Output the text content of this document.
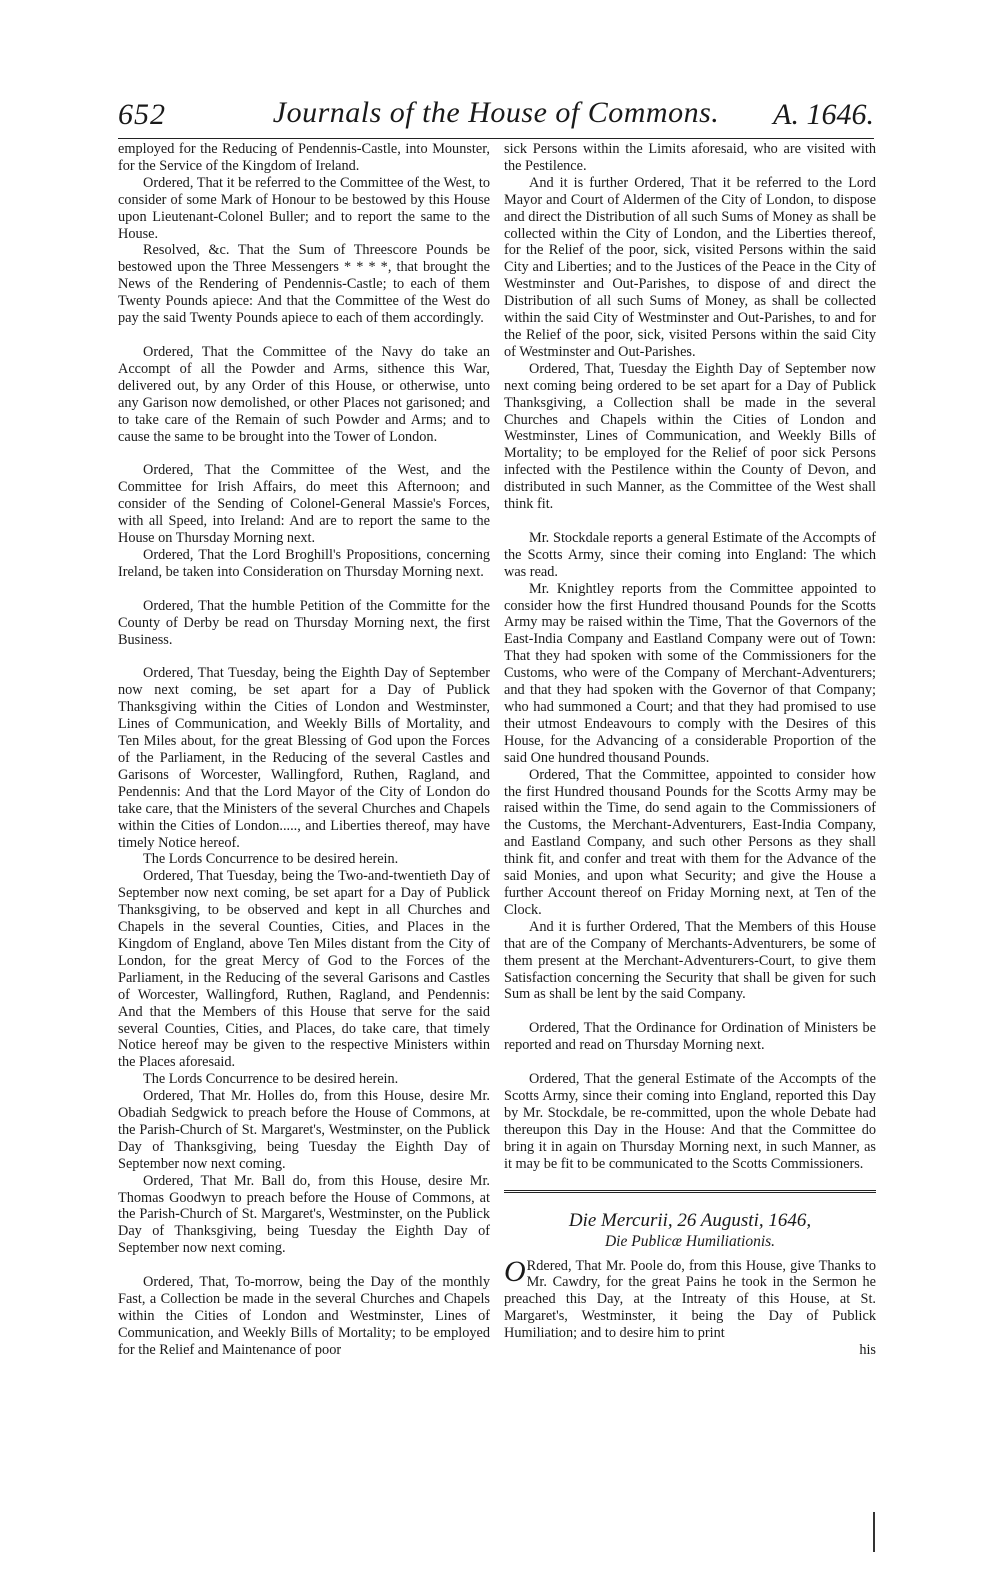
652	Journals of the House of Commons.	A. 1646.

employed for the Reducing of Pendennis-Castle, into Mounster, for the Service of the Kingdom of Ireland.

Ordered, That it be referred to the Committee of the West, to consider of some Mark of Honour to be bestowed by this House upon Lieutenant-Colonel Buller; and to report the same to the House.

Resolved, &c. That the Sum of Threescore Pounds be bestowed upon the Three Messengers * * * *, that brought the News of the Rendering of Pendennis-Castle; to each of them Twenty Pounds apiece: And that the Committee of the West do pay the said Twenty Pounds apiece to each of them accordingly.

Ordered, That the Committee of the Navy do take an Accompt of all the Powder and Arms, sithence this War, delivered out, by any Order of this House, or otherwise, unto any Garison now demolished, or other Places not garisoned; and to take care of the Remain of such Powder and Arms; and to cause the same to be brought into the Tower of London.

Ordered, That the Committee of the West, and the Committee for Irish Affairs, do meet this Afternoon; and consider of the Sending of Colonel-General Massie's Forces, with all Speed, into Ireland: And are to report the same to the House on Thursday Morning next.

Ordered, That the Lord Broghill's Propositions, concerning Ireland, be taken into Consideration on Thursday Morning next.

Ordered, That the humble Petition of the Committe for the County of Derby be read on Thursday Morning next, the first Business.

Ordered, That Tuesday, being the Eighth Day of September now next coming, be set apart for a Day of Publick Thanksgiving within the Cities of London and Westminster, Lines of Communication, and Weekly Bills of Mortality, and Ten Miles about, for the great Blessing of God upon the Forces of the Parliament, in the Reducing of the several Castles and Garisons of Worcester, Wallingford, Ruthen, Ragland, and Pendennis: And that the Lord Mayor of the City of London do take care, that the Ministers of the several Churches and Chapels within the Cities of London....., and Liberties thereof, may have timely Notice hereof.

The Lords Concurrence to be desired herein.

Ordered, That Tuesday, being the Two-and-twentieth Day of September now next coming, be set apart for a Day of Publick Thanksgiving, to be observed and kept in all Churches and Chapels in the several Counties, Cities, and Places in the Kingdom of England, above Ten Miles distant from the City of London, for the great Mercy of God to the Forces of the Parliament, in the Reducing of the several Garisons and Castles of Worcester, Wallingford, Ruthen, Ragland, and Pendennis: And that the Members of this House that serve for the said several Counties, Cities, and Places, do take care, that timely Notice hereof may be given to the respective Ministers within the Places aforesaid.

The Lords Concurrence to be desired herein.

Ordered, That Mr. Holles do, from this House, desire Mr. Obadiah Sedgwick to preach before the House of Commons, at the Parish-Church of St. Margaret's, Westminster, on the Publick Day of Thanksgiving, being Tuesday the Eighth Day of September now next coming.

Ordered, That Mr. Ball do, from this House, desire Mr. Thomas Goodwyn to preach before the House of Commons, at the Parish-Church of St. Margaret's, Westminster, on the Publick Day of Thanksgiving, being Tuesday the Eighth Day of September now next coming.

Ordered, That, To-morrow, being the Day of the monthly Fast, a Collection be made in the several Churches and Chapels within the Cities of London and Westminster, Lines of Communication, and Weekly Bills of Mortality; to be employed for the Relief and Maintenance of poor

sick Persons within the Limits aforesaid, who are visited with the Pestilence.

And it is further Ordered, That it be referred to the Lord Mayor and Court of Aldermen of the City of London, to dispose and direct the Distribution of all such Sums of Money as shall be collected within the City of London, and the Liberties thereof, for the Relief of the poor, sick, visited Persons within the said City and Liberties; and to the Justices of the Peace in the City of Westminster and Out-Parishes, to dispose of and direct the Distribution of all such Sums of Money, as shall be collected within the said City of Westminster and Out-Parishes, to and for the Relief of the poor, sick, visited Persons within the said City of Westminster and Out-Parishes.

Ordered, That, Tuesday the Eighth Day of September now next coming being ordered to be set apart for a Day of Publick Thanksgiving, a Collection shall be made in the several Churches and Chapels within the Cities of London and Westminster, Lines of Communication, and Weekly Bills of Mortality; to be employed for the Relief of poor sick Persons infected with the Pestilence within the County of Devon, and distributed in such Manner, as the Committee of the West shall think fit.

Mr. Stockdale reports a general Estimate of the Accompts of the Scotts Army, since their coming into England: The which was read.

Mr. Knightley reports from the Committee appointed to consider how the first Hundred thousand Pounds for the Scotts Army may be raised within the Time, That the Governors of the East-India Company and Eastland Company were out of Town: That they had spoken with some of the Commissioners for the Customs, who were of the Company of Merchant-Adventurers; and that they had spoken with the Governor of that Company; who had summoned a Court; and that they had promised to use their utmost Endeavours to comply with the Desires of this House, for the Advancing of a considerable Proportion of the said One hundred thousand Pounds.

Ordered, That the Committee, appointed to consider how the first Hundred thousand Pounds for the Scotts Army may be raised within the Time, do send again to the Commissioners of the Customs, the Merchant-Adventurers, East-India Company, and Eastland Company, and such other Persons as they shall think fit, and confer and treat with them for the Advance of the said Monies, and upon what Security; and give the House a further Account thereof on Friday Morning next, at Ten of the Clock.

And it is further Ordered, That the Members of this House that are of the Company of Merchants-Adventurers, be some of them present at the Merchant-Adventurers-Court, to give them Satisfaction concerning the Security that shall be given for such Sum as shall be lent by the said Company.

Ordered, That the Ordinance for Ordination of Ministers be reported and read on Thursday Morning next.

Ordered, That the general Estimate of the Accompts of the Scotts Army, since their coming into England, reported this Day by Mr. Stockdale, be re-committed, upon the whole Debate had thereupon this Day in the House: And that the Committee do bring it in again on Thursday Morning next, in such Manner, as it may be fit to be communicated to the Scotts Commissioners.

Die Mercurii, 26 Augusti, 1646,
Die Publicæ Humiliationis.

O Rdered, That Mr. Poole do, from this House, give Thanks to Mr. Cawdry, for the great Pains he took in the Sermon he preached this Day, at the Intreaty of this House, at St. Margaret's, Westminster, it being the Day of Publick Humiliation; and to desire him to print

his
